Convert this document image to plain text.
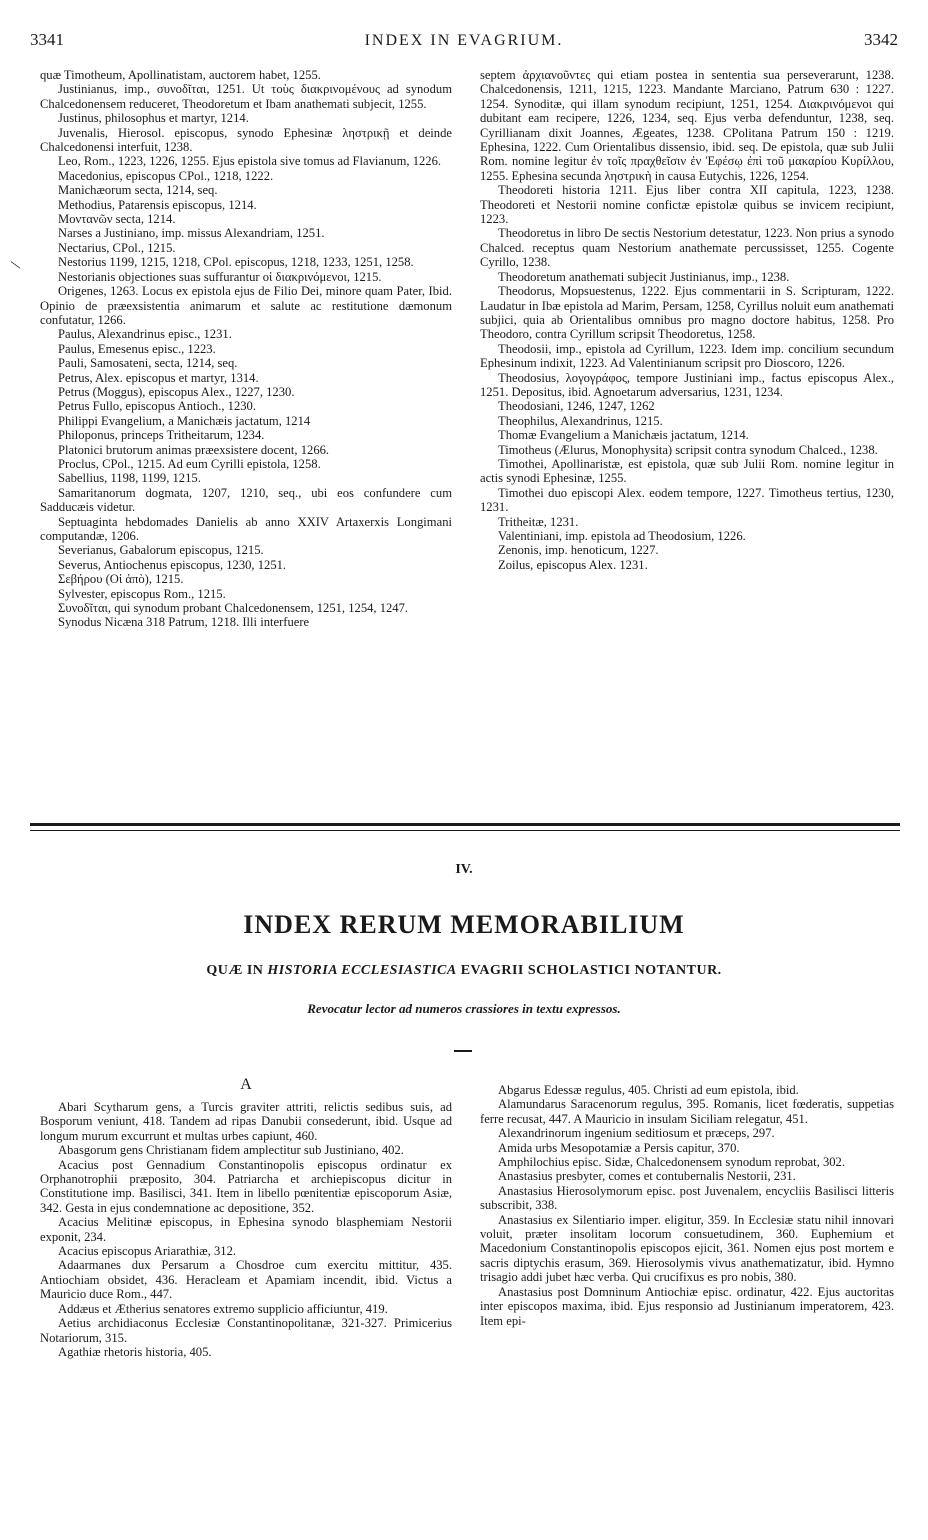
3341	INDEX IN EVAGRIUM.	3342
\

quæ Timotheum, Apollinatistam, auctorem habet, 1255.

Justinianus, imp., συνοδῖται, 1251. Ut τοὺς διακρινομένους ad synodum Chalcedonensem reduceret, Theodoretum et Ibam anathemati subjecit, 1255.

Justinus, philosophus et martyr, 1214.

Juvenalis, Hierosol. episcopus, synodo Ephesinæ ληστρικῇ et deinde Chalcedonensi interfuit, 1238.

Leo, Rom., 1223, 1226, 1255. Ejus epistola sive tomus ad Flavianum, 1226.

Macedonius, episcopus CPol., 1218, 1222.

Manichæorum secta, 1214, seq.

Methodius, Patarensis episcopus, 1214.

Μοντανῶν secta, 1214.

Narses a Justiniano, imp. missus Alexandriam, 1251.

Nectarius, CPol., 1215.

Nestorius 1199, 1215, 1218, CPol. episcopus, 1218, 1233, 1251, 1258.

Nestorianis objectiones suas suffurantur οἱ διακρινόμενοι, 1215.

Origenes, 1263. Locus ex epistola ejus de Filio Dei, minore quam Pater, Ibid. Opinio de præexsistentia animarum et salute ac restitutione dæmonum confutatur, 1266.

Paulus, Alexandrinus episc., 1231.

Paulus, Emesenus episc., 1223.

Pauli, Samosateni, secta, 1214, seq.

Petrus, Alex. episcopus et martyr, 1314.

Petrus (Moggus), episcopus Alex., 1227, 1230.

Petrus Fullo, episcopus Antioch., 1230.

Philippi Evangelium, a Manichæis jactatum, 1214

Philoponus, princeps Tritheitarum, 1234.

Platonici brutorum animas præexsistere docent, 1266.

Proclus, CPol., 1215. Ad eum Cyrilli epistola, 1258.

Sabellius, 1198, 1199, 1215.

Samaritanorum dogmata, 1207, 1210, seq., ubi eos confundere cum Sadducæis videtur.

Septuaginta hebdomades Danielis ab anno XXIV Artaxerxis Longimani computandæ, 1206.

Severianus, Gabalorum episcopus, 1215.

Severus, Antiochenus episcopus, 1230, 1251.

Σεβήρου (Οἱ ἀπὸ), 1215.

Sylvester, episcopus Rom., 1215.

Συνοδῖται, qui synodum probant Chalcedonensem, 1251, 1254, 1247.

Synodus Nicæna 318 Patrum, 1218. Illi interfuere

septem ἀρχιανοῦντες qui etiam postea in sententia sua perseverarunt, 1238. Chalcedonensis, 1211, 1215, 1223. Mandante Marciano, Patrum 630 : 1227. 1254. Synoditæ, qui illam synodum recipiunt, 1251, 1254. Διακρινόμενοι qui dubitant eam recipere, 1226, 1234, seq. Ejus verba defenduntur, 1238, seq. Cyrillianam dixit Joannes, Ægeates, 1238. CPolitana Patrum 150 : 1219. Ephesina, 1222. Cum Orientalibus dissensio, ibid. seq. De epistola, quæ sub Julii Rom. nomine legitur ἐν τοῖς πραχθεῖσιν ἐν Ἐφέσῳ ἐπὶ τοῦ μακαρίου Κυρίλλου, 1255. Ephesina secunda ληστρικὴ in causa Eutychis, 1226, 1254.

Theodoreti historia 1211. Ejus liber contra XII capitula, 1223, 1238. Theodoreti et Nestorii nomine confictæ epistolæ quibus se invicem recipiunt, 1223.

Theodoretus in libro De sectis Nestorium detestatur, 1223. Non prius a synodo Chalced. receptus quam Nestorium anathemate percussisset, 1255. Cogente Cyrillo, 1238.

Theodoretum anathemati subjecit Justinianus, imp., 1238.

Theodorus, Mopsuestenus, 1222. Ejus commentarii in S. Scripturam, 1222. Laudatur in Ibæ epistola ad Marim, Persam, 1258, Cyrillus noluit eum anathemati subjici, quia ab Orientalibus omnibus pro magno doctore habitus, 1258. Pro Theodoro, contra Cyrillum scripsit Theodoretus, 1258.

Theodosii, imp., epistola ad Cyrillum, 1223. Idem imp. concilium secundum Ephesinum indixit, 1223. Ad Valentinianum scripsit pro Dioscoro, 1226.

Theodosius, λογογράφος, tempore Justiniani imp., factus episcopus Alex., 1251. Depositus, ibid. Agnoetarum adversarius, 1231, 1234.

Theodosiani, 1246, 1247, 1262

Theophilus, Alexandrinus, 1215.

Thomæ Evangelium a Manichæis jactatum, 1214.

Timotheus (Ælurus, Monophysita) scripsit contra synodum Chalced., 1238.

Timothei, Apollinaristæ, est epistola, quæ sub Julii Rom. nomine legitur in actis synodi Ephesinæ, 1255.

Timothei duo episcopi Alex. eodem tempore, 1227. Timotheus tertius, 1230, 1231.

Tritheitæ, 1231.

Valentiniani, imp. epistola ad Theodosium, 1226.

Zenonis, imp. henoticum, 1227.

Zoilus, episcopus Alex. 1231.

IV.
INDEX RERUM MEMORABILIUM
QUÆ IN HISTORIA ECCLESIASTICA EVAGRII SCHOLASTICI NOTANTUR.
Revocatur lector ad numeros crassiores in textu expressos.
A

Abari Scytharum gens, a Turcis graviter attriti, relictis sedibus suis, ad Bosporum veniunt, 418. Tandem ad ripas Danubii consederunt, ibid. Usque ad longum murum excurrunt et multas urbes capiunt, 460.

Abasgorum gens Christianam fidem amplectitur sub Justiniano, 402.

Acacius post Gennadium Constantinopolis episcopus ordinatur ex Orphanotrophii præposito, 304. Patriarcha et archiepiscopus dicitur in Constitutione imp. Basilisci, 341. Item in libello pœnitentiæ episcoporum Asiæ, 342. Gesta in ejus condemnatione ac depositione, 352.

Acacius Melitinæ episcopus, in Ephesina synodo blasphemiam Nestorii exponit, 234.

Acacius episcopus Ariarathiæ, 312.

Adaarmanes dux Persarum a Chosdroe cum exercitu mittitur, 435. Antiochiam obsidet, 436. Heracleam et Apamiam incendit, ibid. Victus a Mauricio duce Rom., 447.

Addæus et Ætherius senatores extremo supplicio afficiuntur, 419.

Aetius archidiaconus Ecclesiæ Constantinopolitanæ, 321-327. Primicerius Notariorum, 315.

Agathiæ rhetoris historia, 405.

Abgarus Edessæ regulus, 405. Christi ad eum epistola, ibid.

Alamundarus Saracenorum regulus, 395. Romanis, licet fœderatis, suppetias ferre recusat, 447. A Mauricio in insulam Siciliam relegatur, 451.

Alexandrinorum ingenium seditiosum et præceps, 297.

Amida urbs Mesopotamiæ a Persis capitur, 370.

Amphilochius episc. Sidæ, Chalcedonensem synodum reprobat, 302.

Anastasius presbyter, comes et contubernalis Nestorii, 231.

Anastasius Hierosolymorum episc. post Juvenalem, encycliis Basilisci litteris subscribit, 338.

Anastasius ex Silentiario imper. eligitur, 359. In Ecclesiæ statu nihil innovari voluit, præter insolitam locorum consuetudinem, 360. Euphemium et Macedonium Constantinopolis episcopos ejicit, 361. Nomen ejus post mortem e sacris diptychis erasum, 369. Hierosolymis vivus anathematizatur, ibid. Hymno trisagio addi jubet hæc verba. Qui crucifixus es pro nobis, 380.

Anastasius post Domninum Antiochiæ episc. ordinatur, 422. Ejus auctoritas inter episcopos maxima, ibid. Ejus responsio ad Justinianum imperatorem, 423. Item epi-
